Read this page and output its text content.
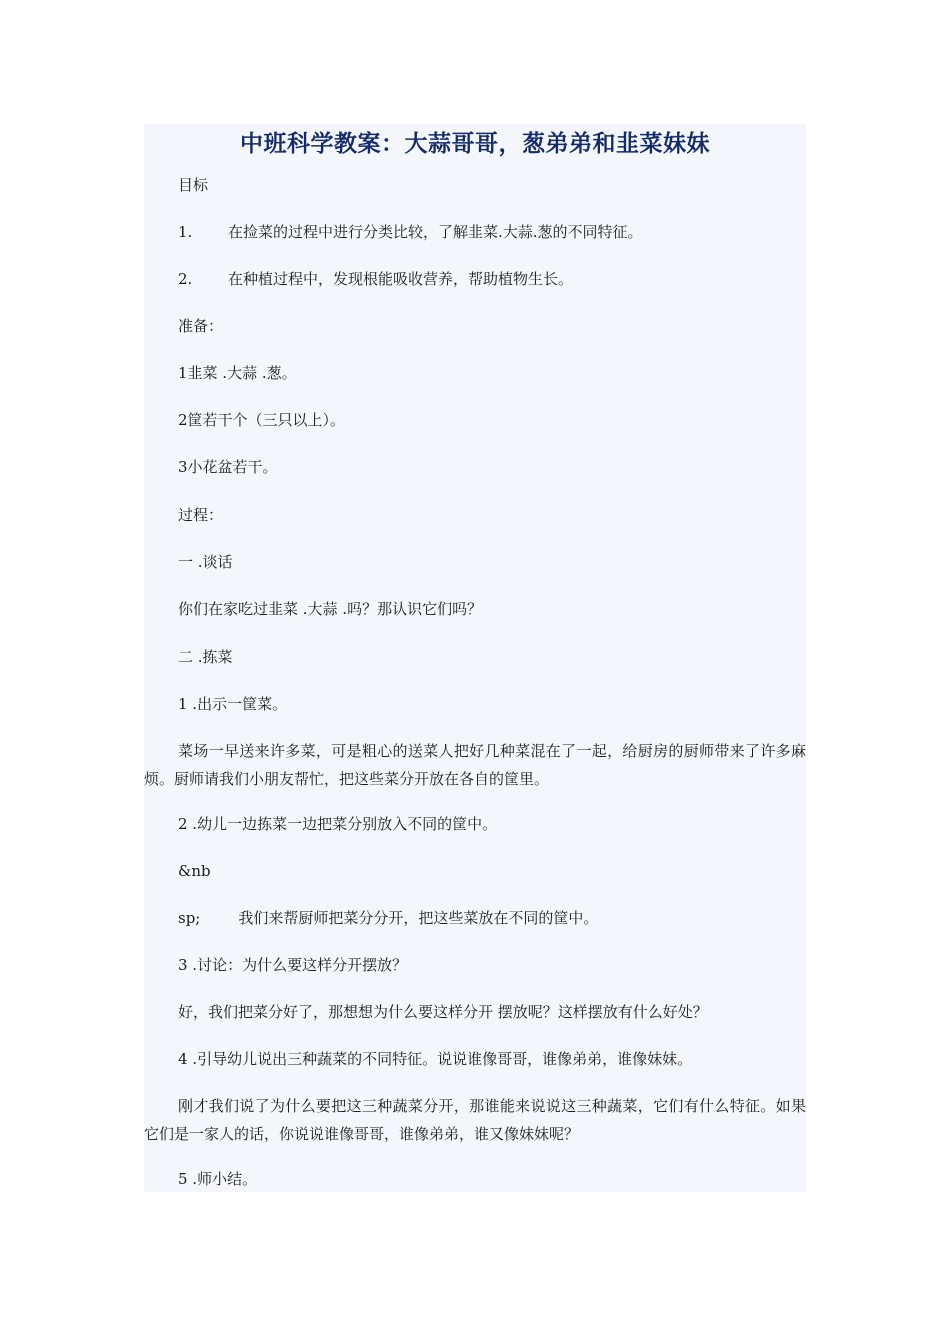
中班科学教案：大蒜哥哥，葱弟弟和韭菜妹妹
目标
1. 在捡菜的过程中进行分类比较，了解韭菜.大蒜.葱的不同特征。
2. 在种植过程中，发现根能吸收营养，帮助植物生长。
准备：
1韭菜 .大蒜 .葱。
2筐若干个（三只以上）。
3小花盆若干。
过程：
一 .谈话
你们在家吃过韭菜 .大蒜 .吗？那认识它们吗？
二 .拣菜
1 .出示一筐菜。
菜场一早送来许多菜，可是粗心的送菜人把好几种菜混在了一起，给厨房的厨师带来了许多麻烦。厨师请我们小朋友帮忙，把这些菜分开放在各自的筐里。
2 .幼儿一边拣菜一边把菜分别放入不同的筐中。
&nb
sp;	我们来帮厨师把菜分分开，把这些菜放在不同的筐中。
3 .讨论：为什么要这样分开摆放？
好，我们把菜分好了，那想想为什么要这样分开 摆放呢？这样摆放有什么好处？
4 .引导幼儿说出三种蔬菜的不同特征。说说谁像哥哥，谁像弟弟，谁像妹妹。
刚才我们说了为什么要把这三种蔬菜分开，那谁能来说说这三种蔬菜，它们有什么特征。如果它们是一家人的话，你说说谁像哥哥，谁像弟弟，谁又像妹妹呢？
5 .师小结。
